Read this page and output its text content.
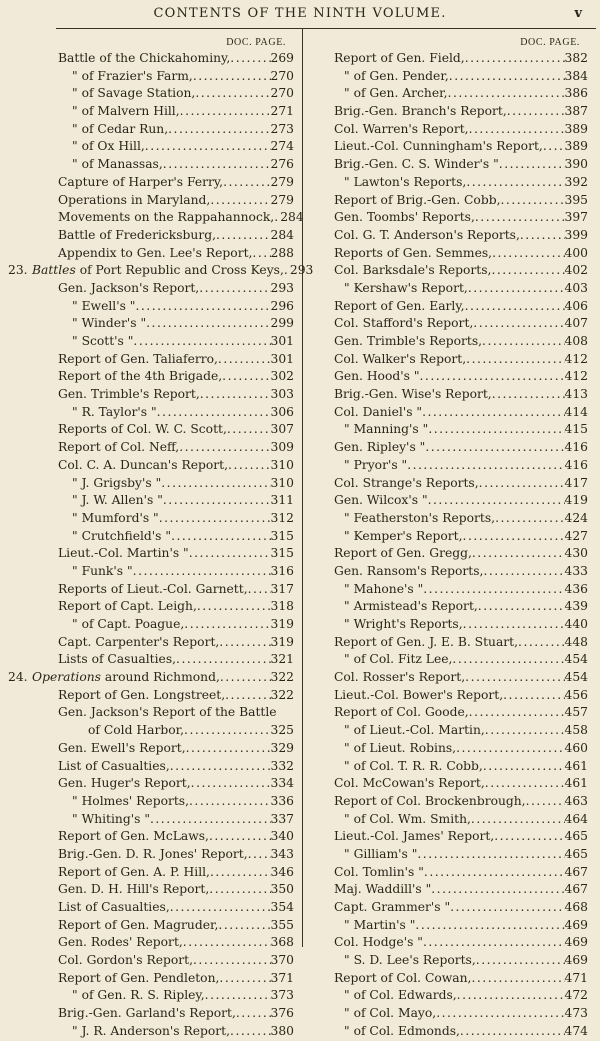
CONTENTS OF THE NINTH VOLUME.	v
DOC. PAGE.
Battle of the Chickahominy, .....	269
" of Frazier's Farm, .....	270
" of Savage Station, .....	270
" of Malvern Hill, .....	271
" of Cedar Run, .....	273
" of Ox Hill, .....	274
" of Manassas, .....	276
Capture of Harper's Ferry, .....	279
Operations in Maryland, .....	279
Movements on the Rappahannock, ..... 284
Battle of Fredericksburg, .....	284
Appendix to Gen. Lee's Report, ..... 288
23. Battles of Port Republic and Cross Keys, ..... 293
Gen. Jackson's Report, .....	293
" Ewell's " .....	296
" Winder's " .....	299
" Scott's " .....	301
Report of Gen. Taliaferro, .....	301
Report of the 4th Brigade, .....	302
Gen. Trimble's Report, .....	303
" R. Taylor's " .....	306
Reports of Col. W. C. Scott, .....	307
Report of Col. Neff, .....	309
Col. C. A. Duncan's Report, .....	310
" J. Grigsby's " .....	310
" J. W. Allen's " .....	311
" Mumford's " .....	312
" Crutchfield's " .....	315
Lieut.-Col. Martin's " .....	315
" Funk's " .....	316
Reports of Lieut.-Col. Garnett, ..... 317
Report of Capt. Leigh, .....	318
" of Capt. Poague, .....	319
Capt. Carpenter's Report, .....	319
Lists of Casualties, .....	321
24. Operations around Richmond, .....	322
Report of Gen. Longstreet, .....	322
Gen. Jackson's Report of the Battle
of Cold Harbor, .....	325
Gen. Ewell's Report, .....	329
List of Casualties, .....	332
Gen. Huger's Report, .....	334
" Holmes' Reports, .....	336
" Whiting's " .....	337
Report of Gen. McLaws, .....	340
Brig.-Gen. D. R. Jones' Report, ..... 343
Report of Gen. A. P. Hill, .....	346
Gen. D. H. Hill's Report, .....	350
List of Casualties, .....	354
Report of Gen. Magruder, .....	355
Gen. Rodes' Report, .....	368
Col. Gordon's Report, .....	370
Report of Gen. Pendleton, .....	371
" of Gen. R. S. Ripley, .....	373
Brig.-Gen. Garland's Report, .....	376
" J. R. Anderson's Report, .....	380
DOC. PAGE.
Report of Gen. Field, .....	382
" of Gen. Pender, .....	384
" of Gen. Archer, .....	386
Brig.-Gen. Branch's Report, .....	387
Col. Warren's Report, .....	389
Lieut.-Col. Cunningham's Report, ..... 389
Brig.-Gen. C. S. Winder's " .....	390
" Lawton's Reports, .....	392
Report of Brig.-Gen. Cobb, .....	395
Gen. Toombs' Reports, .....	397
Col. G. T. Anderson's Reports, .....	399
Reports of Gen. Semmes, .....	400
Col. Barksdale's Reports, .....	402
" Kershaw's Report, .....	403
Report of Gen. Early, .....	406
Col. Stafford's Report, .....	407
Gen. Trimble's Reports, .....	408
Col. Walker's Report, .....	412
Gen. Hood's " .....	412
Brig.-Gen. Wise's Report, .....	413
Col. Daniel's " .....	414
" Manning's " .....	415
Gen. Ripley's " .....	416
" Pryor's " .....	416
Col. Strange's Reports, .....	417
Gen. Wilcox's " .....	419
" Featherston's Reports, .....	424
" Kemper's Report, .....	427
Report of Gen. Gregg, .....	430
Gen. Ransom's Reports, .....	433
" Mahone's " .....	436
" Armistead's Report, .....	439
" Wright's Reports, .....	440
Report of Gen. J. E. B. Stuart, .....	448
" of Col. Fitz Lee, .....	454
Col. Rosser's Report, .....	454
Lieut.-Col. Bower's Report, .....	456
Report of Col. Goode, .....	457
" of Lieut.-Col. Martin, .....	458
" of Lieut. Robins, .....	460
" of Col. T. R. R. Cobb, .....	461
Col. McCowan's Report, .....	461
Report of Col. Brockenbrough, .....	463
" of Col. Wm. Smith, .....	464
Lieut.-Col. James' Report, .....	465
" Gilliam's " .....	465
Col. Tomlin's " .....	467
Maj. Waddill's " .....	467
Capt. Grammer's " .....	468
" Martin's " .....	469
Col. Hodge's " .....	469
" S. D. Lee's Reports, .....	469
Report of Col. Cowan, .....	471
" of Col. Edwards, .....	472
" of Col. Mayo, .....	473
" of Col. Edmonds, .....	474
